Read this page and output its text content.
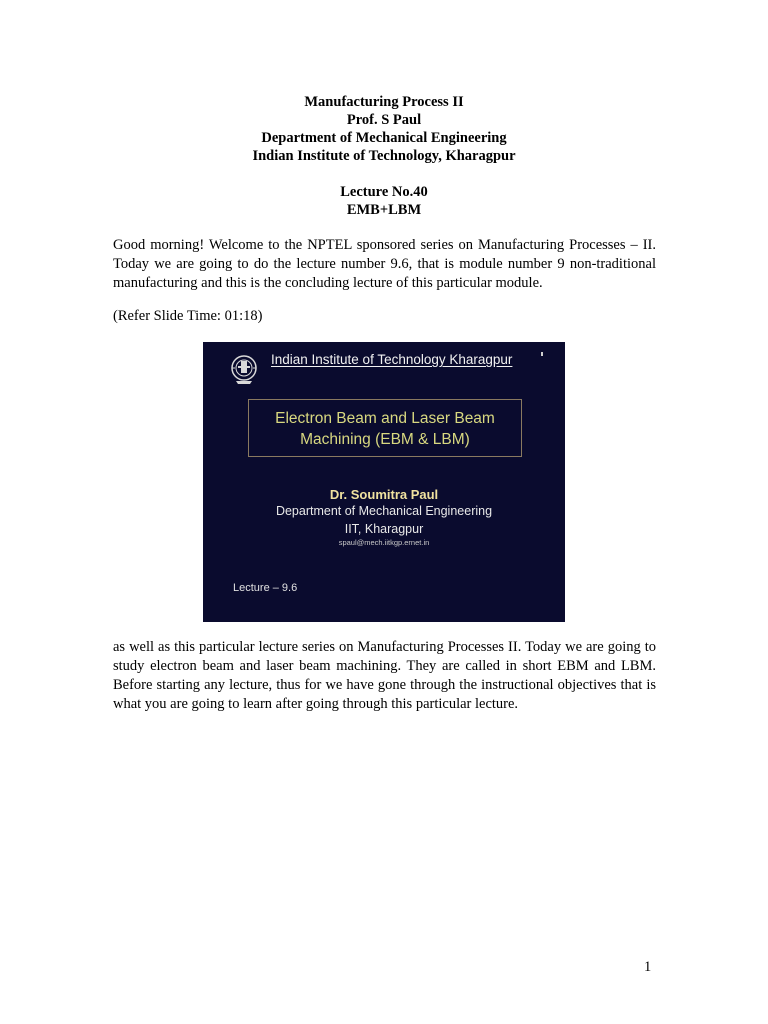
Manufacturing Process II
Prof. S Paul
Department of Mechanical Engineering
Indian Institute of Technology, Kharagpur
Lecture No.40
EMB+LBM

Good morning! Welcome to the NPTEL sponsored series on Manufacturing Processes – II. Today we are going to do the lecture number 9.6, that is module number 9 non-traditional manufacturing and this is the concluding lecture of this particular module.

(Refer Slide Time: 01:18)

Indian Institute of Technology Kharagpur
Electron Beam and Laser Beam
Machining (EBM & LBM)
Dr. Soumitra Paul
Department of Mechanical Engineering
IIT, Kharagpur
spaul@mech.iitkgp.ernet.in
Lecture – 9.6

as well as this particular lecture series on Manufacturing Processes II. Today we are going to study electron beam and laser beam machining. They are called in short EBM and LBM. Before starting any lecture, thus for we have gone through the instructional objectives that is what you are going to learn after going through this particular lecture.

1
